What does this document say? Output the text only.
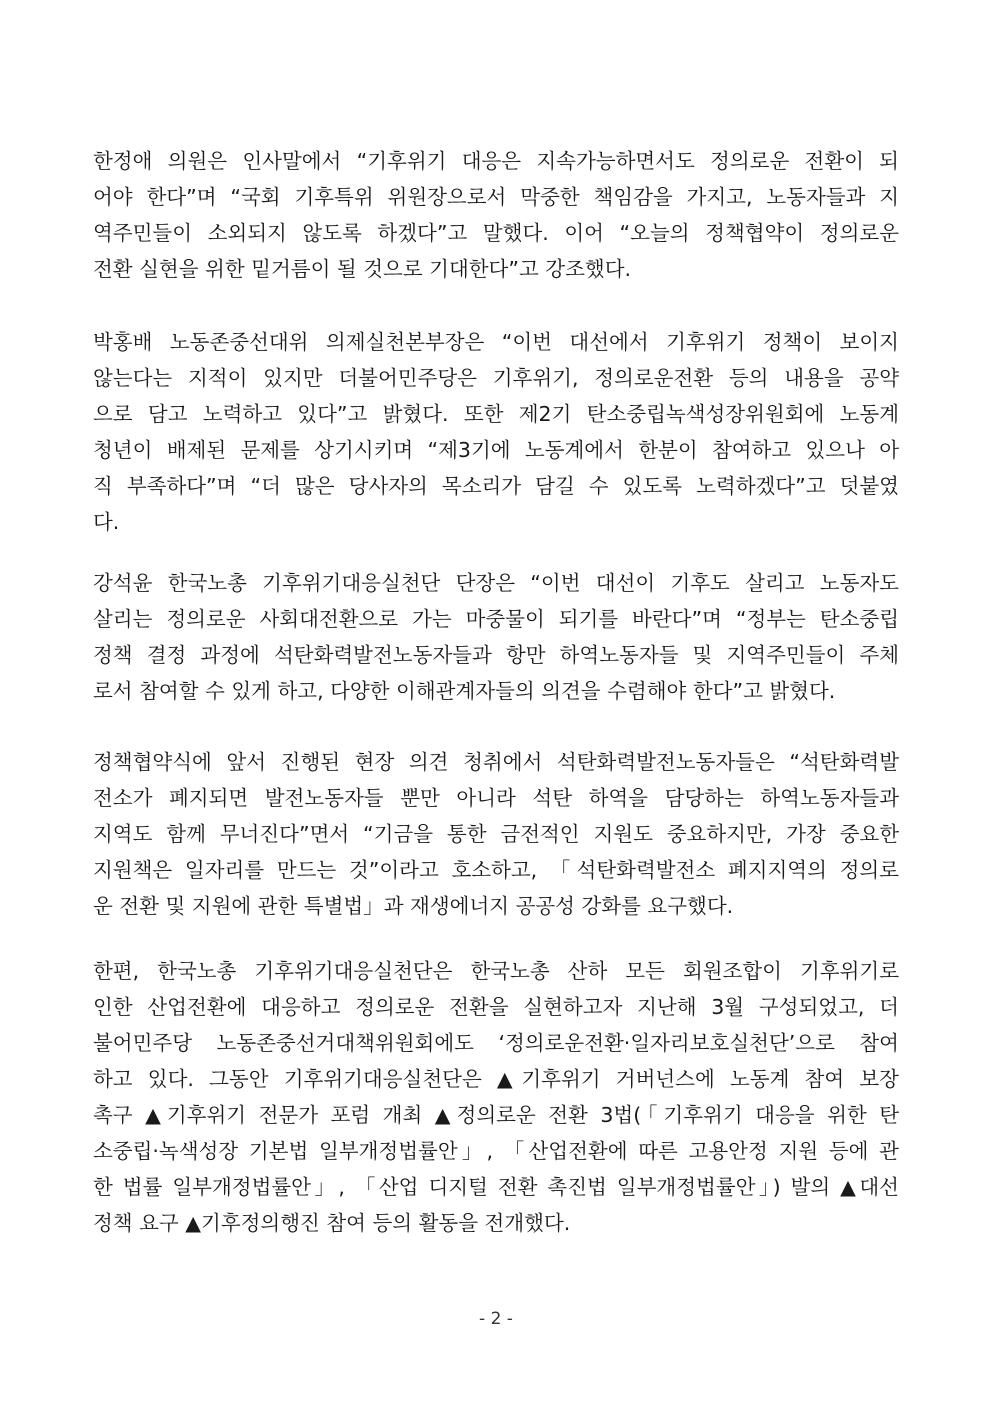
한정애 의원은 인사말에서 “기후위기 대응은 지속가능하면서도 정의로운 전환이 되
어야 한다”며 “국회 기후특위 위원장으로서 막중한 책임감을 가지고, 노동자들과 지
역주민들이 소외되지 않도록 하겠다”고 말했다. 이어 “오늘의 정책협약이 정의로운
전환 실현을 위한 밑거름이 될 것으로 기대한다”고 강조했다.
박홍배 노동존중선대위 의제실천본부장은 “이번 대선에서 기후위기 정책이 보이지
않는다는 지적이 있지만 더불어민주당은 기후위기, 정의로운전환 등의 내용을 공약
으로 담고 노력하고 있다”고 밝혔다. 또한 제2기 탄소중립녹색성장위원회에 노동계
청년이 배제된 문제를 상기시키며 “제3기에 노동계에서 한분이 참여하고 있으나 아
직 부족하다”며 “더 많은 당사자의 목소리가 담길 수 있도록 노력하겠다”고 덧붙였
다.
강석윤 한국노총 기후위기대응실천단 단장은 “이번 대선이 기후도 살리고 노동자도
살리는 정의로운 사회대전환으로 가는 마중물이 되기를 바란다”며 “정부는 탄소중립
정책 결정 과정에 석탄화력발전노동자들과 항만 하역노동자들 및 지역주민들이 주체
로서 참여할 수 있게 하고, 다양한 이해관계자들의 의견을 수렴해야 한다”고 밝혔다.
정책협약식에 앞서 진행된 현장 의견 청취에서 석탄화력발전노동자들은 “석탄화력발
전소가 폐지되면 발전노동자들 뿐만 아니라 석탄 하역을 담당하는 하역노동자들과
지역도 함께 무너진다”면서 “기금을 통한 금전적인 지원도 중요하지만, 가장 중요한
지원책은 일자리를 만드는 것”이라고 호소하고, 「석탄화력발전소 폐지지역의 정의로
운 전환 및 지원에 관한 특별법」과 재생에너지 공공성 강화를 요구했다.
한편, 한국노총 기후위기대응실천단은 한국노총 산하 모든 회원조합이 기후위기로
인한 산업전환에 대응하고 정의로운 전환을 실현하고자 지난해 3월 구성되었고, 더
불어민주당 노동존중선거대책위원회에도 ‘정의로운전환·일자리보호실천단’으로 참여
하고 있다. 그동안 기후위기대응실천단은 ▲기후위기 거버넌스에 노동계 참여 보장
촉구 ▲기후위기 전문가 포럼 개최 ▲정의로운 전환 3법(「기후위기 대응을 위한 탄
소중립·녹색성장 기본법 일부개정법률안」, 「산업전환에 따른 고용안정 지원 등에 관
한 법률 일부개정법률안」, 「산업 디지털 전환 촉진법 일부개정법률안」) 발의 ▲대선
정책 요구 ▲기후정의행진 참여 등의 활동을 전개했다.
- 2 -
